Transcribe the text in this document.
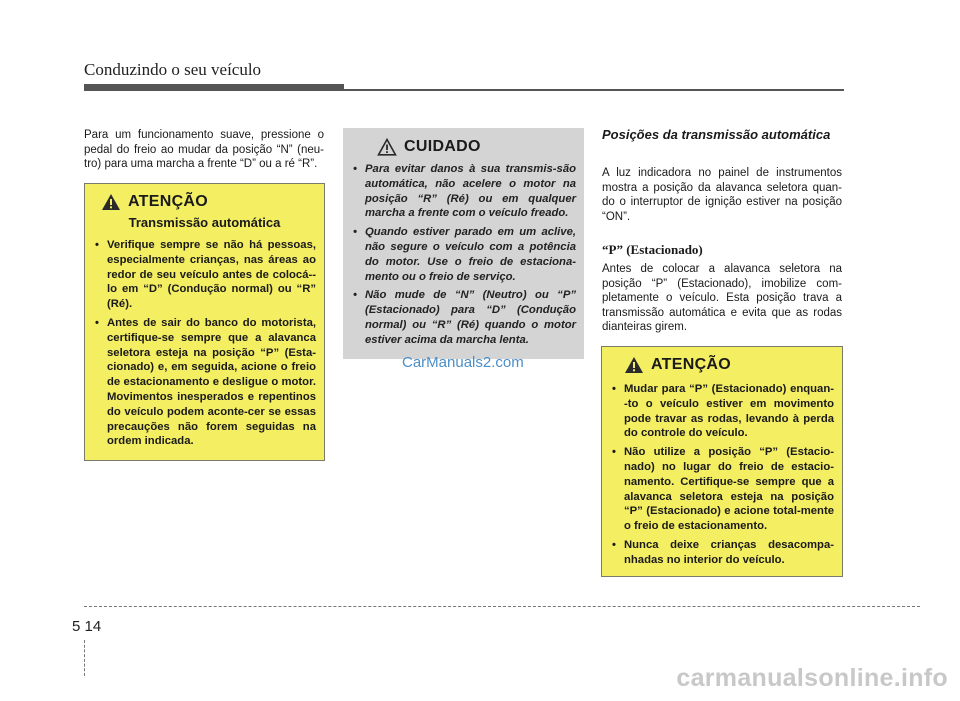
Conduzindo o seu veículo

Para um funcionamento suave, pressione o pedal do freio ao mudar da posição “N” (neu-tro) para uma marcha a frente “D” ou a ré “R”.

ATENÇÃO
Transmissão automática
• Verifique sempre se não há pessoas, especialmente crianças, nas áreas ao redor de seu veículo antes de colocá--lo em “D” (Condução normal) ou “R” (Ré).
• Antes de sair do banco do motorista, certifique-se sempre que a alavanca seletora esteja na posição “P” (Esta-cionado) e, em seguida, acione o freio de estacionamento e desligue o motor. Movimentos inesperados e repentinos do veículo podem aconte-cer se essas precauções não forem seguidas na ordem indicada.
CUIDADO
• Para evitar danos à sua transmis-são automática, não acelere o motor na posição “R” (Ré) ou em qualquer marcha a frente com o veículo freado.
• Quando estiver parado em um aclive, não segure o veículo com a potência do motor. Use o freio de estaciona-mento ou o freio de serviço.
• Não mude de “N” (Neutro) ou “P” (Estacionado) para “D” (Condução normal) ou “R” (Ré) quando o motor estiver acima da marcha lenta.
CarManuals2.com
Posições da transmissão automática

A luz indicadora no painel de instrumentos mostra a posição da alavanca seletora quan-do o interruptor de ignição estiver na posição “ON”.

“P” (Estacionado)

Antes de colocar a alavanca seletora na posição “P” (Estacionado), imobilize com-pletamente o veículo. Esta posição trava a transmissão automática e evita que as rodas dianteiras girem.

ATENÇÃO
• Mudar para “P” (Estacionado) enquan--to o veículo estiver em movimento pode travar as rodas, levando à perda do controle do veículo.
• Não utilize a posição “P” (Estacio-nado) no lugar do freio de estacio-namento. Certifique-se sempre que a alavanca seletora esteja na posição “P” (Estacionado) e acione total-mente o freio de estacionamento.
• Nunca deixe crianças desacompa-nhadas no interior do veículo.
5 14
carmanualsonline.info
